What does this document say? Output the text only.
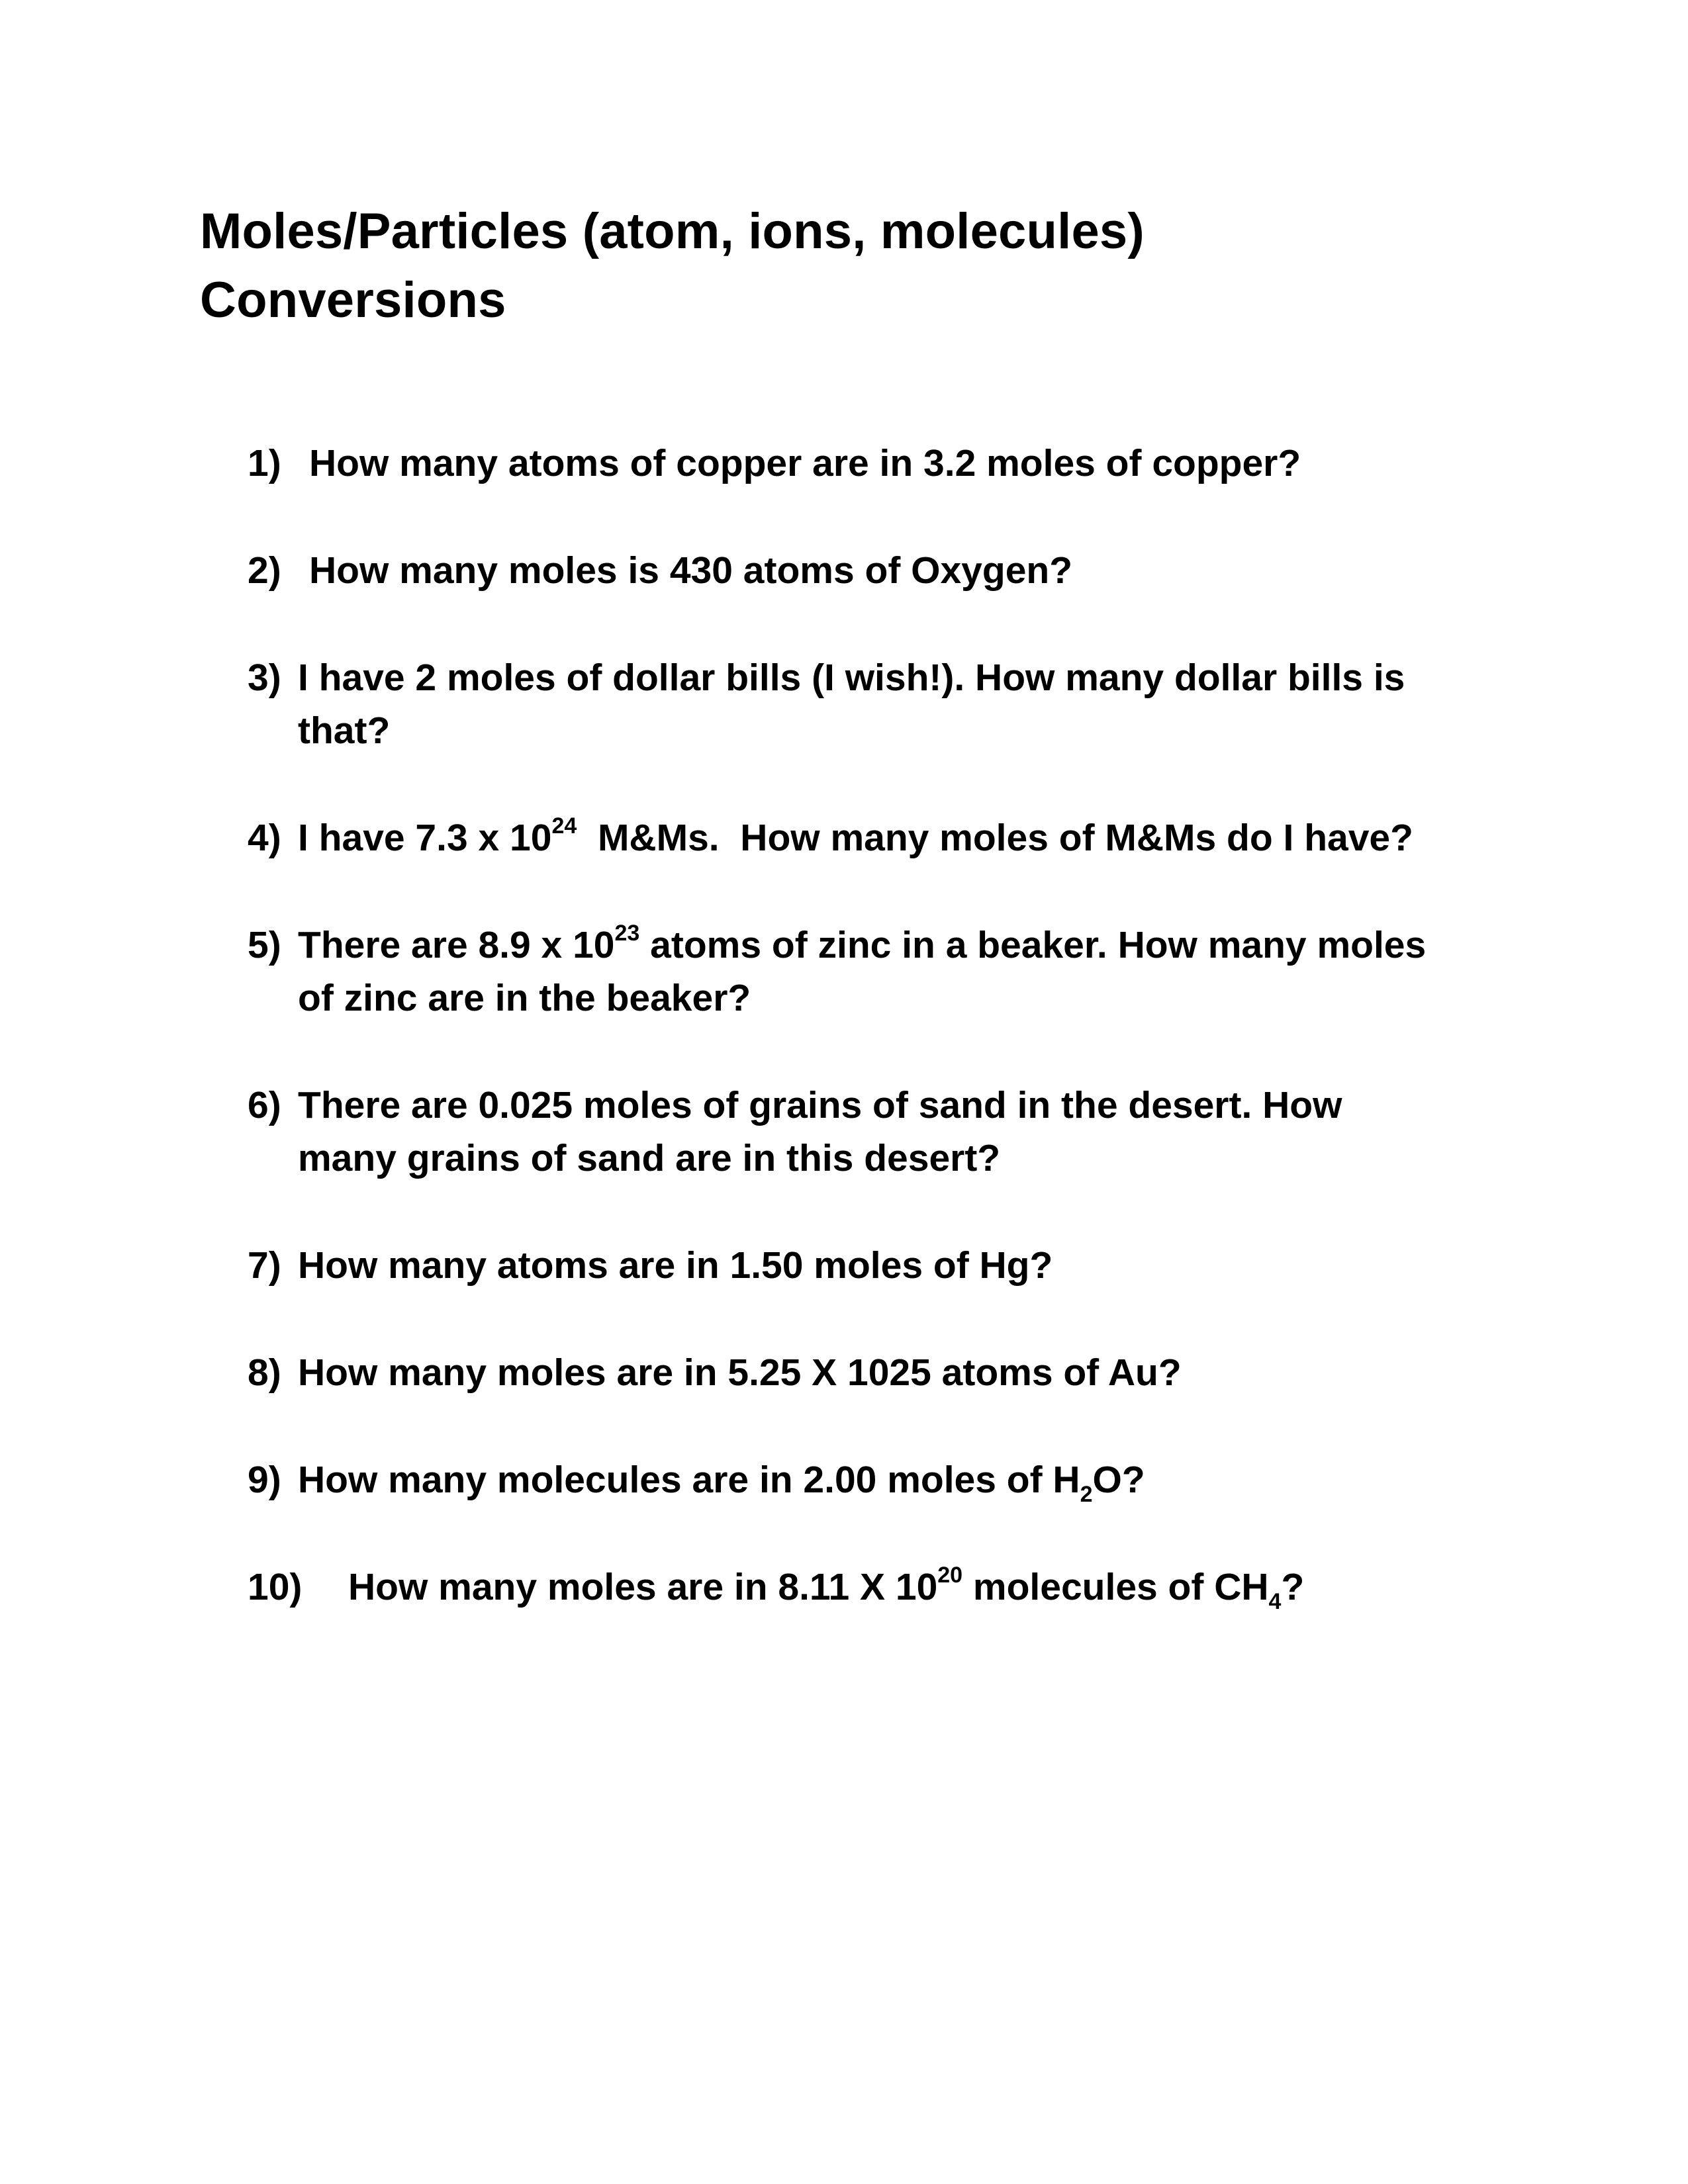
Moles/Particles (atom, ions, molecules)
Conversions
1) How many atoms of copper are in 3.2 moles of copper?
2) How many moles is 430 atoms of Oxygen?
3) I have 2 moles of dollar bills (I wish!). How many dollar bills is that?
4) I have 7.3 x $10^{24}$  M&Ms.  How many moles of M&Ms do I have?
5) There are 8.9 x $10^{23}$ atoms of zinc in a beaker. How many moles of zinc are in the beaker?
6) There are 0.025 moles of grains of sand in the desert. How many grains of sand are in this desert?
7) How many atoms are in 1.50 moles of Hg?
8) How many moles are in 5.25 X 1025 atoms of Au?
9) How many molecules are in 2.00 moles of $H_2O$?
10) How many moles are in 8.11 X $10^{20}$ molecules of $CH_4$?
